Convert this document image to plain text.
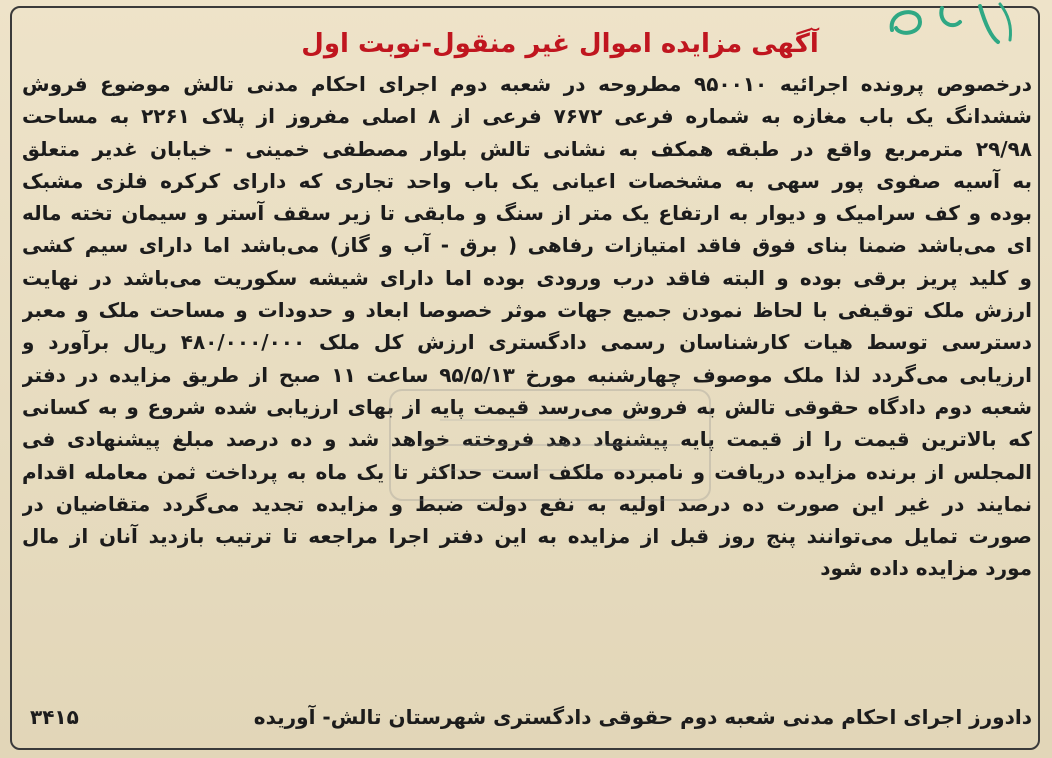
آگهی مزایده اموال غیر منقول-نوبت اول
درخصوص پرونده اجرائیه ۹۵۰۰۱۰ مطروحه در شعبه دوم اجرای احکام مدنی تالش موضوع فروش
ششدانگ یک باب مغازه به شماره فرعی ۷۶۷۲ فرعی از ۸ اصلی مفروز از پلاک ۲۲۶۱ به مساحت
۲۹/۹۸ مترمربع واقع در طبقه همکف به نشانی تالش بلوار مصطفی خمینی - خیابان غدیر متعلق
به آسیه صفوی پور سهی به مشخصات اعیانی یک باب واحد تجاری که دارای کرکره فلزی مشبک
بوده و کف سرامیک و دیوار به ارتفاع یک متر از سنگ و مابقی تا زیر سقف آستر و سیمان تخته ماله
ای می‌باشد ضمنا بنای فوق فاقد امتیازات رفاهی ( برق - آب و گاز) می‌باشد اما دارای سیم کشی
و کلید پریز برقی بوده و البته فاقد درب ورودی بوده اما دارای شیشه سکوریت می‌باشد در نهایت
ارزش ملک توقیفی با لحاظ نمودن جمیع جهات موثر خصوصا ابعاد و حدودات و مساحت ملک و معبر
دسترسی توسط هیات کارشناسان رسمی دادگستری ارزش کل ملک ۴۸۰/۰۰۰/۰۰۰ ریال برآورد و
ارزیابی می‌گردد لذا ملک موصوف چهارشنبه مورخ ۹۵/۵/۱۳ ساعت ۱۱ صبح از طریق مزایده در دفتر
شعبه دوم دادگاه حقوقی تالش به فروش می‌رسد قیمت پایه از بهای ارزیابی شده شروع و به کسانی
که بالاترین قیمت را از قیمت پایه پیشنهاد دهد فروخته خواهد شد و ده درصد مبلغ پیشنهادی فی
المجلس از برنده مزایده دریافت و نامبرده ملکف است حداکثر تا یک ماه به پرداخت ثمن معامله اقدام
نمایند در غیر این صورت ده درصد اولیه به نفع دولت ضبط و مزایده تجدید می‌گردد متقاضیان در
صورت تمایل می‌توانند پنج روز قبل از مزایده به این دفتر اجرا مراجعه تا ترتیب بازدید آنان از مال
مورد مزایده داده شود
دادورز اجرای احکام مدنی شعبه دوم حقوقی دادگستری شهرستان تالش- آوریده
۳۴۱۵
